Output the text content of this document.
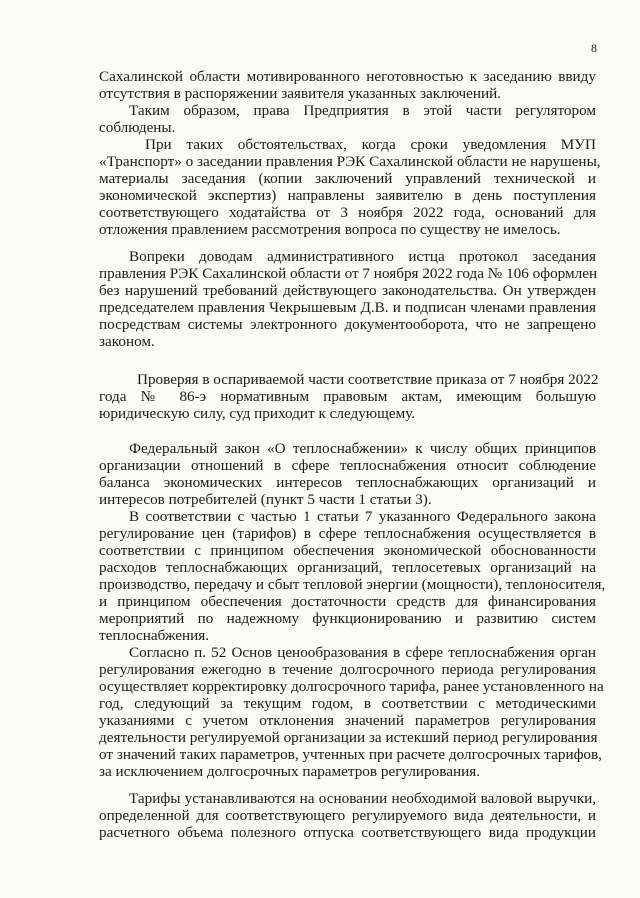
8
Сахалинской области мотивированного неготовностью к заседанию ввиду
отсутствия в распоряжении заявителя указанных заключений.
Таким образом, права Предприятия в этой части регулятором
соблюдены.
При таких обстоятельствах, когда сроки уведомления МУП
«Транспорт» о заседании правления РЭК Сахалинской области не нарушены,
материалы заседания (копии заключений управлений технической и
экономической экспертиз) направлены заявителю в день поступления
соответствующего ходатайства от 3 ноября 2022 года, оснований для
отложения правлением рассмотрения вопроса по существу не имелось.
Вопреки доводам административного истца протокол заседания
правления РЭК Сахалинской области от 7 ноября 2022 года № 106 оформлен
без нарушений требований действующего законодательства. Он утвержден
председателем правления Чекрышевым Д.В. и подписан членами правления
посредствам системы электронного документооборота, что не запрещено
законом.
Проверяя в оспариваемой части соответствие приказа от 7 ноября 2022
года № 86-э нормативным правовым актам, имеющим большую
юридическую силу, суд приходит к следующему.
Федеральный закон «О теплоснабжении» к числу общих принципов
организации отношений в сфере теплоснабжения относит соблюдение
баланса экономических интересов теплоснабжающих организаций и
интересов потребителей (пункт 5 части 1 статьи 3).
В соответствии с частью 1 статьи 7 указанного Федерального закона
регулирование цен (тарифов) в сфере теплоснабжения осуществляется в
соответствии с принципом обеспечения экономической обоснованности
расходов теплоснабжающих организаций, теплосетевых организаций на
производство, передачу и сбыт тепловой энергии (мощности), теплоносителя,
и принципом обеспечения достаточности средств для финансирования
мероприятий по надежному функционированию и развитию систем
теплоснабжения.
Согласно п. 52 Основ ценообразования в сфере теплоснабжения орган
регулирования ежегодно в течение долгосрочного периода регулирования
осуществляет корректировку долгосрочного тарифа, ранее установленного на
год, следующий за текущим годом, в соответствии с методическими
указаниями с учетом отклонения значений параметров регулирования
деятельности регулируемой организации за истекший период регулирования
от значений таких параметров, учтенных при расчете долгосрочных тарифов,
за исключением долгосрочных параметров регулирования.
Тарифы устанавливаются на основании необходимой валовой выручки,
определенной для соответствующего регулируемого вида деятельности, и
расчетного объема полезного отпуска соответствующего вида продукции
